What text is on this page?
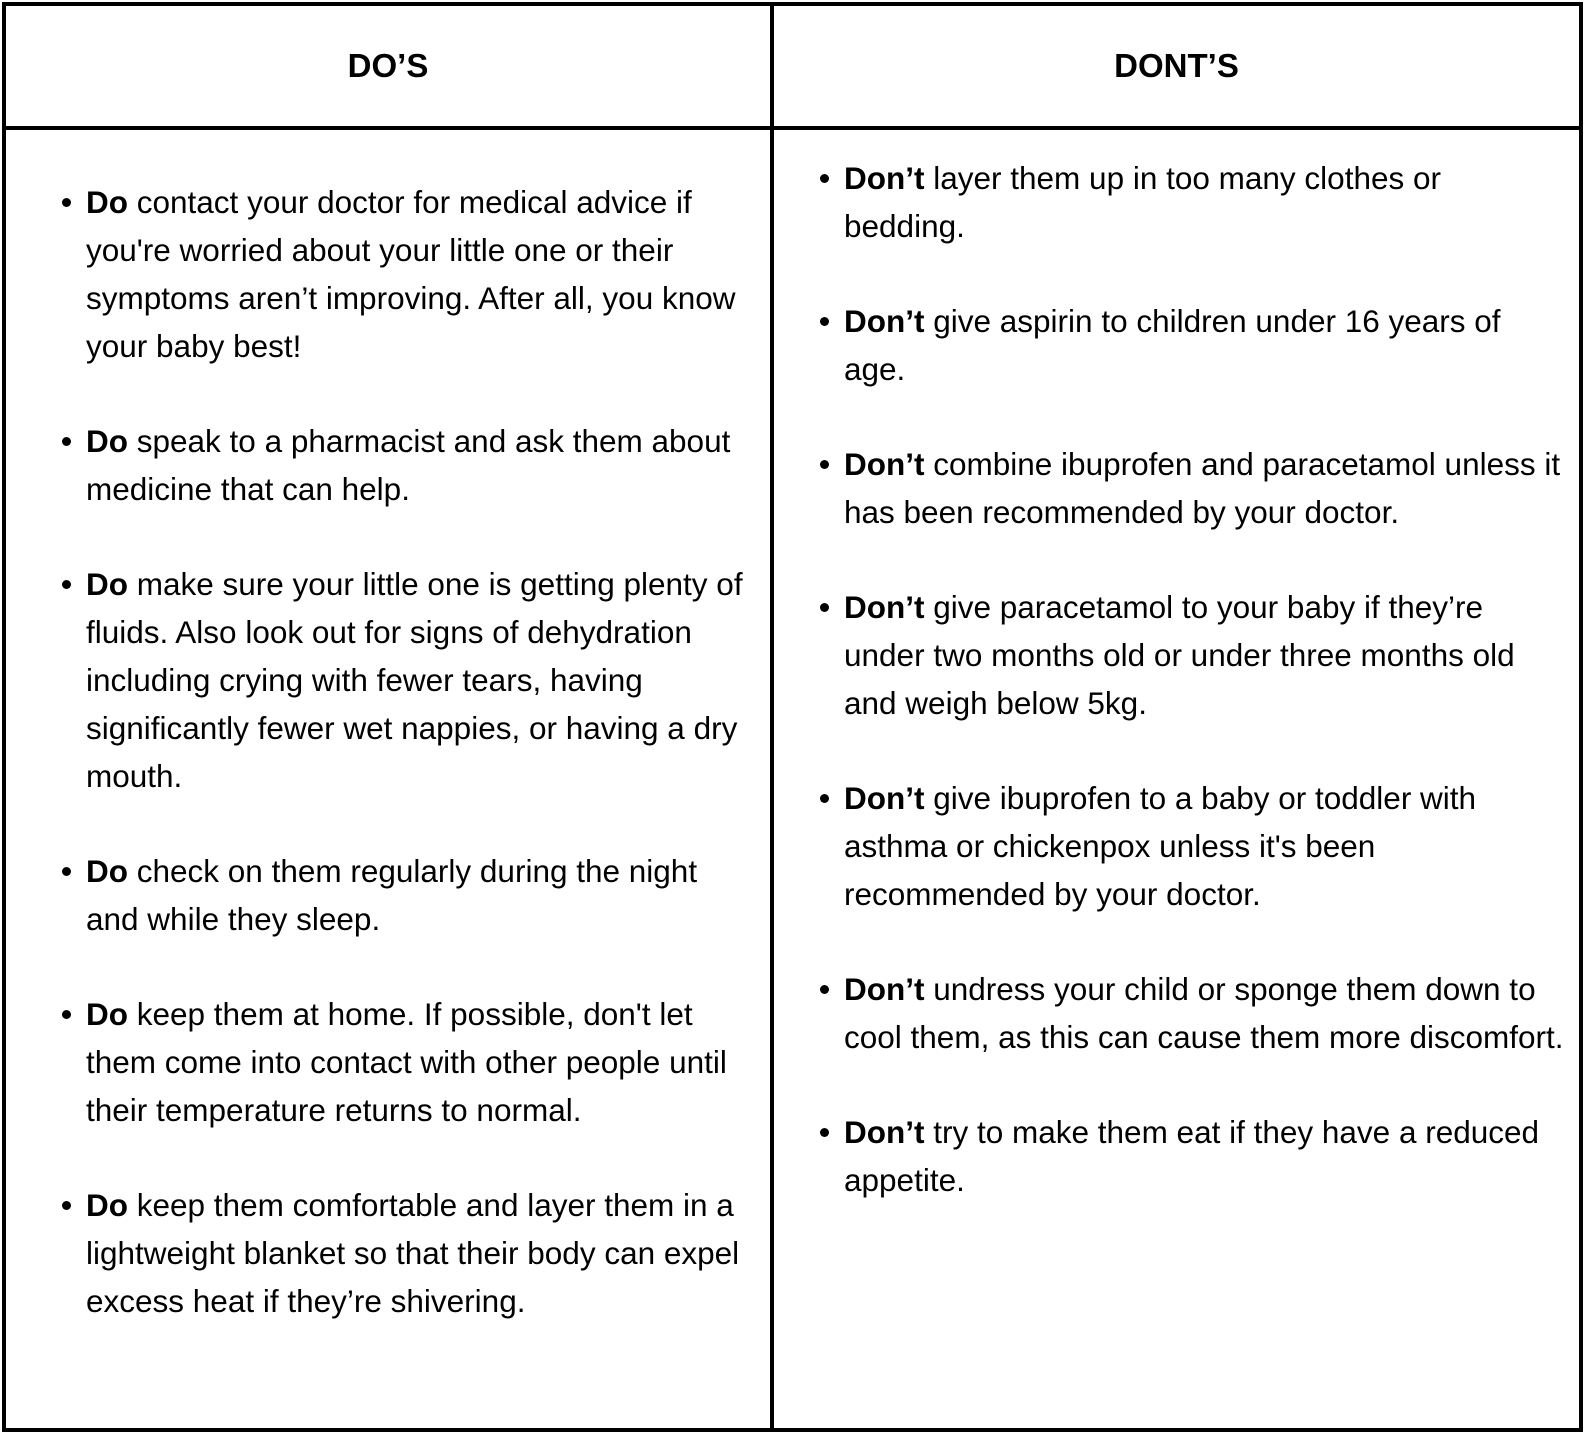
DO’S	DONT’S
Do contact your doctor for medical advice if you're worried about your little one or their symptoms aren’t improving. After all, you know your baby best!
Do speak to a pharmacist and ask them about medicine that can help.
Do make sure your little one is getting plenty of fluids. Also look out for signs of dehydration including crying with fewer tears, having significantly fewer wet nappies, or having a dry mouth.
Do check on them regularly during the night and while they sleep.
Do keep them at home. If possible, don't let them come into contact with other people until their temperature returns to normal.
Do keep them comfortable and layer them in a lightweight blanket so that their body can expel excess heat if they’re shivering.
Don’t layer them up in too many clothes or bedding.
Don’t give aspirin to children under 16 years of age.
Don’t combine ibuprofen and paracetamol unless it has been recommended by your doctor.
Don’t give paracetamol to your baby if they’re under two months old or under three months old and weigh below 5kg.
Don’t give ibuprofen to a baby or toddler with asthma or chickenpox unless it's been recommended by your doctor.
Don’t undress your child or sponge them down to cool them, as this can cause them more discomfort.
Don’t try to make them eat if they have a reduced appetite.
